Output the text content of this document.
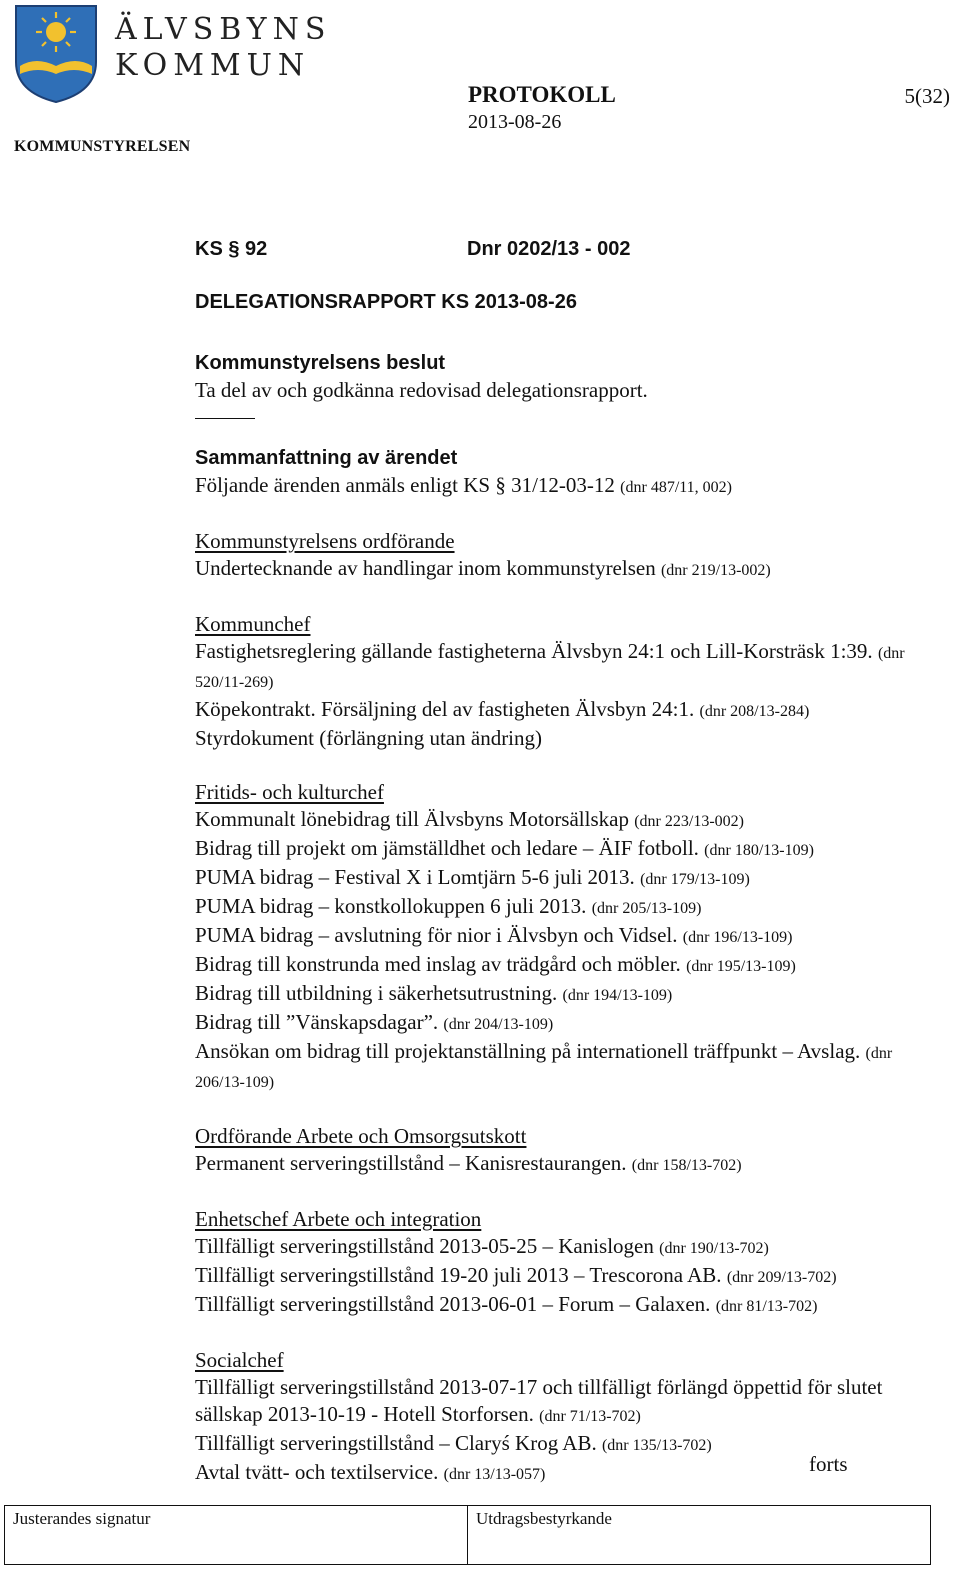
ÄLVSBYNS
KOMMUN
KOMMUNSTYRELSEN
PROTOKOLL
2013-08-26
5(32)
KS § 92	Dnr 0202/13 - 002
DELEGATIONSRAPPORT KS 2013-08-26
Kommunstyrelsens beslut
Ta del av och godkänna redovisad delegationsrapport.
Sammanfattning av ärendet
Följande ärenden anmäls enligt KS § 31/12-03-12 (dnr 487/11, 002)
Kommunstyrelsens ordförande
Undertecknande av handlingar inom kommunstyrelsen (dnr 219/13-002)
Kommunchef
Fastighetsreglering gällande fastigheterna Älvsbyn 24:1 och Lill-Korsträsk 1:39. (dnr 520/11-269)
Köpekontrakt. Försäljning del av fastigheten Älvsbyn 24:1. (dnr 208/13-284)
Styrdokument (förlängning utan ändring)
Fritids- och kulturchef
Kommunalt lönebidrag till Älvsbyns Motorsällskap (dnr 223/13-002)
Bidrag till projekt om jämställdhet och ledare – ÄIF fotboll. (dnr 180/13-109)
PUMA bidrag – Festival X i Lomtjärn 5-6 juli 2013. (dnr 179/13-109)
PUMA bidrag – konstkollokuppen 6 juli 2013. (dnr 205/13-109)
PUMA bidrag – avslutning för nior i Älvsbyn och Vidsel. (dnr 196/13-109)
Bidrag till konstrunda med inslag av trädgård och möbler. (dnr 195/13-109)
Bidrag till utbildning i säkerhetsutrustning. (dnr 194/13-109)
Bidrag till ”Vänskapsdagar”. (dnr 204/13-109)
Ansökan om bidrag till projektanställning på internationell träffpunkt – Avslag. (dnr 206/13-109)
Ordförande Arbete och Omsorgsutskott
Permanent serveringstillstånd – Kanisrestaurangen. (dnr 158/13-702)
Enhetschef Arbete och integration
Tillfälligt serveringstillstånd 2013-05-25 – Kanislogen (dnr 190/13-702)
Tillfälligt serveringstillstånd 19-20 juli 2013 – Trescorona AB. (dnr 209/13-702)
Tillfälligt serveringstillstånd 2013-06-01 – Forum – Galaxen. (dnr 81/13-702)
Socialchef
Tillfälligt serveringstillstånd 2013-07-17 och tillfälligt förlängd öppettid för slutet sällskap 2013-10-19 - Hotell Storforsen. (dnr 71/13-702)
Tillfälligt serveringstillstånd – Claryś Krog AB. (dnr 135/13-702)
Avtal tvätt- och textilservice. (dnr 13/13-057)	forts
Justerandes signatur	Utdragsbestyrkande
